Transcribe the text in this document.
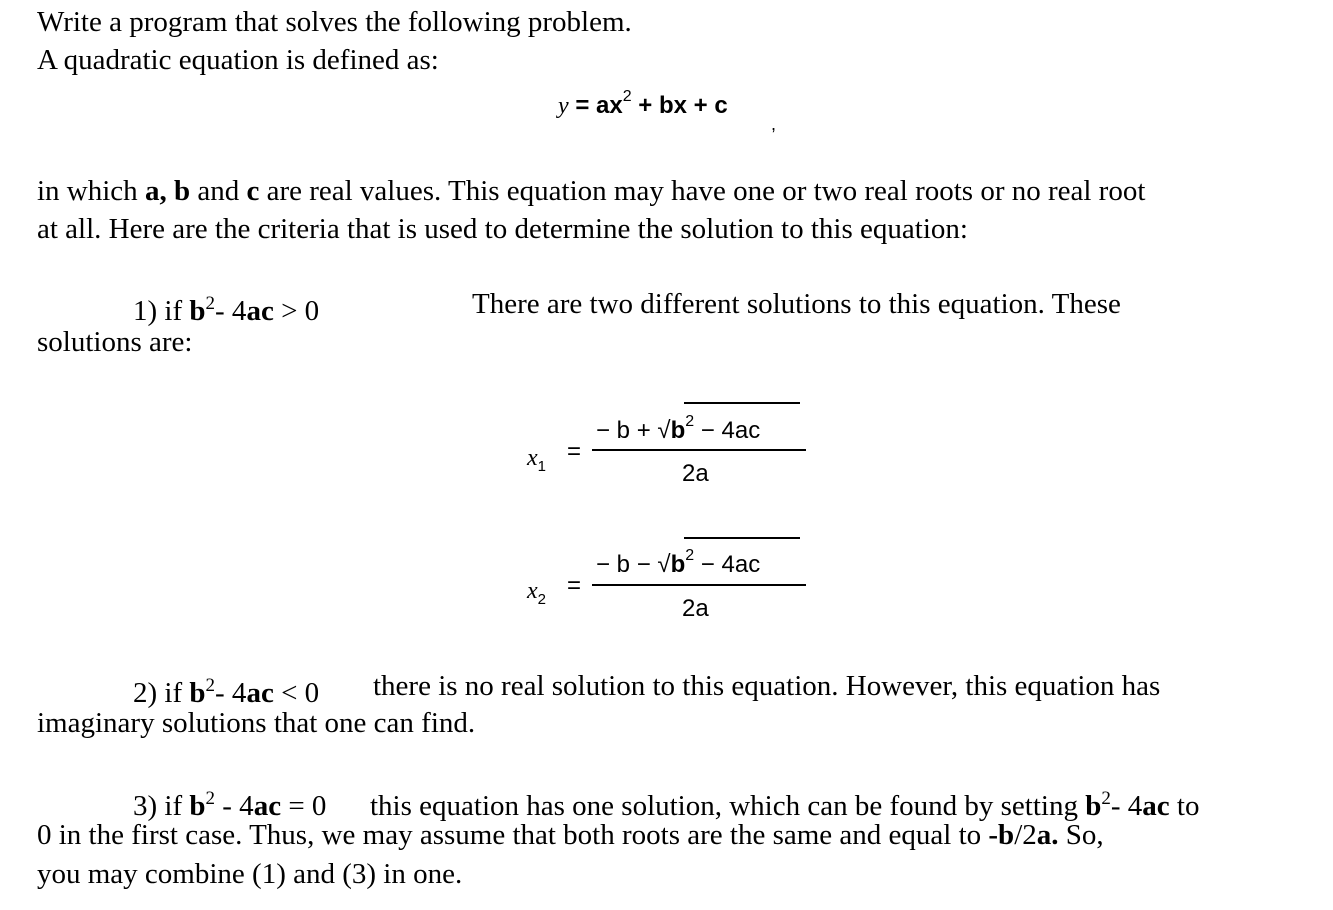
Write a program that solves the following problem.
A quadratic equation is defined as:
$y = ax^2$ + bx + c
,
in which a, b and c are real values. This equation may have one or two real roots or no real root
at all. Here are the criteria that is used to determine the solution to this equation:
1) if $b^2-$ 4ac > 0	There are two different solutions to this equation. These
solutions are:
$x_1$
=
− $b + √b^2 - 4ac$
2a
$x_2$
=
− $b - √b^2 - 4ac$
2a
2) if $b^2-$ 4ac < 0 there is no real solution to this equation. However, this equation has
imaginary solutions that one can find.
3) if $b^2 - 4ac = 0$ this equation has one solution, which can be found by setting $b^2-$ 4ac to
0 in the first case. Thus, we may assume that both roots are the same and equal to -b/2a. So,
you may combine (1) and (3) in one.
